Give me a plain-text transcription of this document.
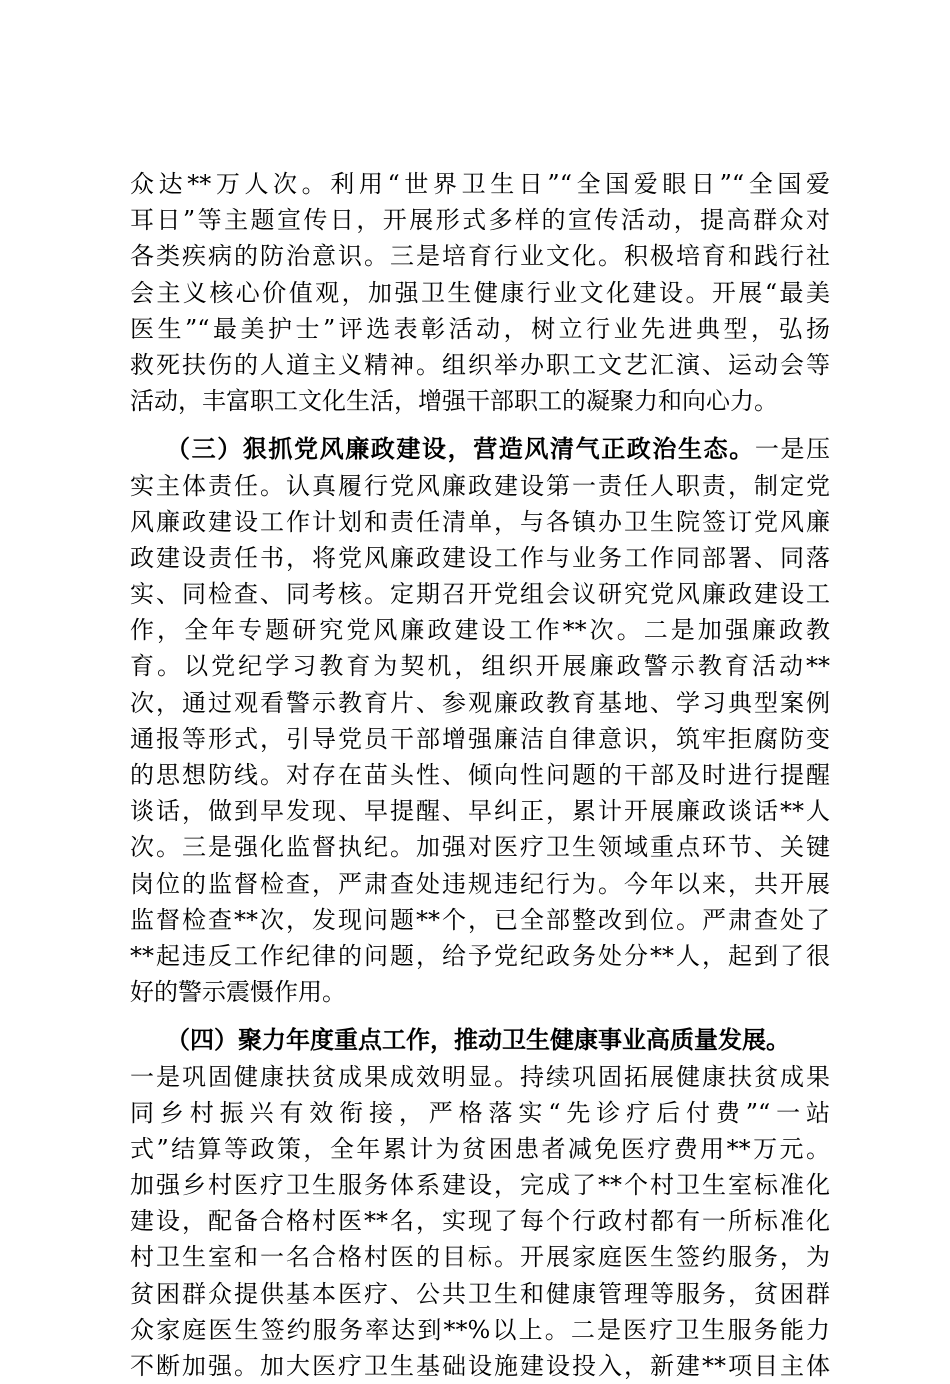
众达**万人次。利用“世界卫生日”“全国爱眼日”“全国爱
耳日”等主题宣传日，开展形式多样的宣传活动，提高群众对
各类疾病的防治意识。三是培育行业文化。积极培育和践行社
会主义核心价值观，加强卫生健康行业文化建设。开展“最美
医生”“最美护士”评选表彰活动，树立行业先进典型，弘扬
救死扶伤的人道主义精神。组织举办职工文艺汇演、运动会等
活动，丰富职工文化生活，增强干部职工的凝聚力和向心力。
（三）狠抓党风廉政建设，营造风清气正政治生态。一是压
实主体责任。认真履行党风廉政建设第一责任人职责，制定党
风廉政建设工作计划和责任清单，与各镇办卫生院签订党风廉
政建设责任书，将党风廉政建设工作与业务工作同部署、同落
实、同检查、同考核。定期召开党组会议研究党风廉政建设工
作，全年专题研究党风廉政建设工作**次。二是加强廉政教
育。以党纪学习教育为契机，组织开展廉政警示教育活动**
次，通过观看警示教育片、参观廉政教育基地、学习典型案例
通报等形式，引导党员干部增强廉洁自律意识，筑牢拒腐防变
的思想防线。对存在苗头性、倾向性问题的干部及时进行提醒
谈话，做到早发现、早提醒、早纠正，累计开展廉政谈话**人
次。三是强化监督执纪。加强对医疗卫生领域重点环节、关键
岗位的监督检查，严肃查处违规违纪行为。今年以来，共开展
监督检查**次，发现问题**个，已全部整改到位。严肃查处了
**起违反工作纪律的问题，给予党纪政务处分**人，起到了很
好的警示震慑作用。
（四）聚力年度重点工作，推动卫生健康事业高质量发展。
一是巩固健康扶贫成果成效明显。持续巩固拓展健康扶贫成果
同乡村振兴有效衔接，严格落实“先诊疗后付费”“一站
式”结算等政策，全年累计为贫困患者减免医疗费用**万元。
加强乡村医疗卫生服务体系建设，完成了**个村卫生室标准化
建设，配备合格村医**名，实现了每个行政村都有一所标准化
村卫生室和一名合格村医的目标。开展家庭医生签约服务，为
贫困群众提供基本医疗、公共卫生和健康管理等服务，贫困群
众家庭医生签约服务率达到**%以上。二是医疗卫生服务能力
不断加强。加大医疗卫生基础设施建设投入，新建**项目主体
